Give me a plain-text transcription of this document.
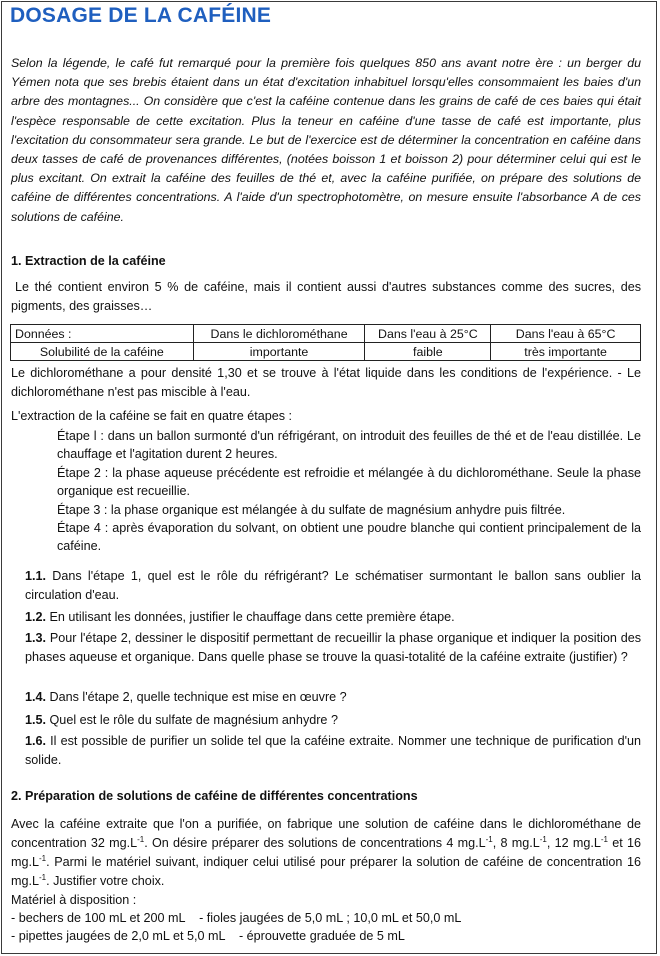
DOSAGE DE LA CAFÉINE
Selon la légende, le café fut remarqué pour la première fois quelques 850 ans avant notre ère : un berger du Yémen nota que ses brebis étaient dans un état d'excitation inhabituel lorsqu'elles consommaient les baies d'un arbre des montagnes... On considère que c'est la caféine contenue dans les grains de café de ces baies qui était l'espèce responsable de cette excitation. Plus la teneur en caféine d'une tasse de café est importante, plus l'excitation du consommateur sera grande. Le but de l'exercice est de déterminer la concentration en caféine dans deux tasses de café de provenances différentes, (notées boisson 1 et boisson 2) pour déterminer celui qui est le plus excitant. On extrait la caféine des feuilles de thé et, avec la caféine purifiée, on prépare des solutions de caféine de différentes concentrations. A l'aide d'un spectrophotomètre, on mesure ensuite l'absorbance A de ces solutions de caféine.
1. Extraction de la caféine
Le thé contient environ 5 % de caféine, mais il contient aussi d'autres substances comme des sucres, des pigments, des graisses…
Données :	Dans le dichlorométhane	Dans l'eau à 25°C	Dans l'eau à 65°C
Solubilité de la caféine	importante	faible	très importante
Le dichlorométhane a pour densité 1,30 et se trouve à l'état liquide dans les conditions de l'expérience. - Le dichlorométhane n'est pas miscible à l'eau.
L'extraction de la caféine se fait en quatre étapes :

Étape l : dans un ballon surmonté d'un réfrigérant, on introduit des feuilles de thé et de l'eau distillée. Le chauffage et l'agitation durent 2 heures.

Étape 2 : la phase aqueuse précédente est refroidie et mélangée à du dichlorométhane. Seule la phase organique est recueillie.

Étape 3 : la phase organique est mélangée à du sulfate de magnésium anhydre puis filtrée.

Étape 4 : après évaporation du solvant, on obtient une poudre blanche qui contient principalement de la caféine.

1.1. Dans l'étape 1, quel est le rôle du réfrigérant? Le schématiser surmontant le ballon sans oublier la circulation d'eau.
1.2. En utilisant les données, justifier le chauffage dans cette première étape.
1.3. Pour l'étape 2, dessiner le dispositif permettant de recueillir la phase organique et indiquer la position des phases aqueuse et organique. Dans quelle phase se trouve la quasi-totalité de la caféine extraite (justifier) ?
1.4. Dans l'étape 2, quelle technique est mise en œuvre ?
1.5. Quel est le rôle du sulfate de magnésium anhydre ?
1.6. Il est possible de purifier un solide tel que la caféine extraite. Nommer une technique de purification d'un solide.
2. Préparation de solutions de caféine de différentes concentrations
Avec la caféine extraite que l'on a purifiée, on fabrique une solution de caféine dans le dichlorométhane de concentration 32 $mg.L^{-1}$. On désire préparer des solutions de concentrations 4 $mg.L^{-1}$, 8 $mg.L^{-1}$, 12 $mg.L^{-1}$ et 16 $mg.L^{-1}$. Parmi le matériel suivant, indiquer celui utilisé pour préparer la solution de caféine de concentration 16 $mg.L^{-1}$. Justifier votre choix.
Matériel à disposition :
- bechers de 100 mL et 200 mL    - fioles jaugées de 5,0 mL ; 10,0 mL et 50,0 mL
- pipettes jaugées de 2,0 mL et 5,0 mL    - éprouvette graduée de 5 mL
